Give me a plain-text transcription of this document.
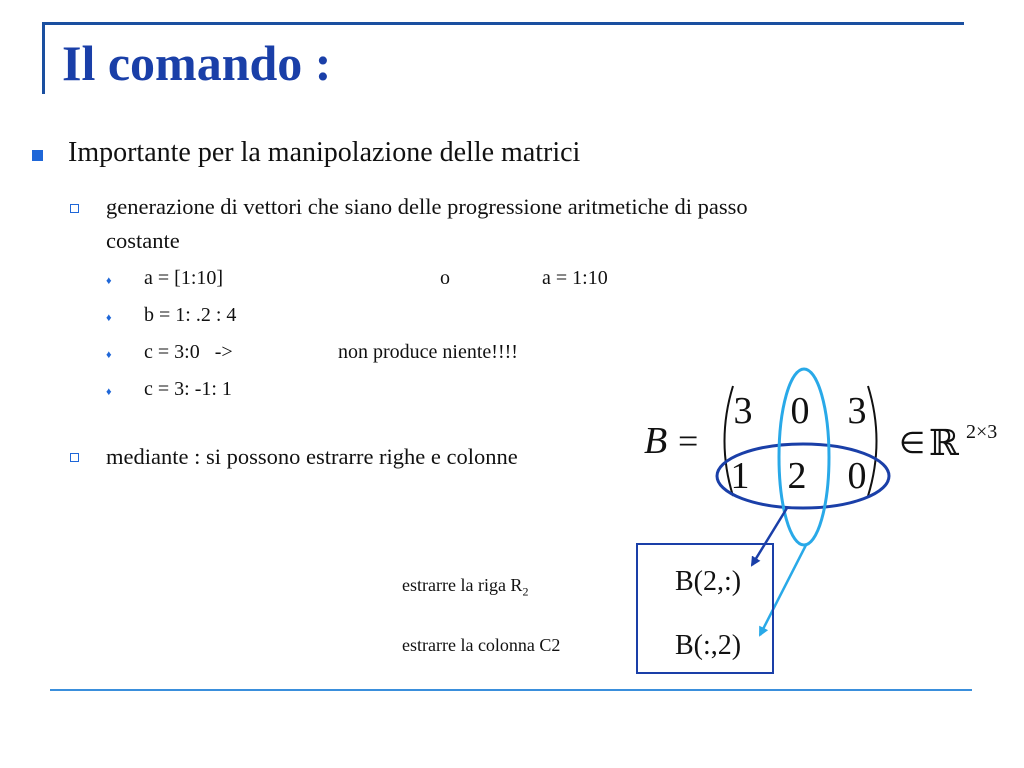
Il comando :
Importante per la manipolazione delle matrici
generazione di vettori che siano delle progressione aritmetiche di passo
costante
♦ a = [1:10]	o	a = 1:10
♦ b = 1: .2 : 4
♦ c = 3:0   ->	non produce niente!!!!
♦ c = 3: -1: 1
mediante : si possono estrarre righe e colonne	B =
3 0 3
1 2 0
∈ ℝ 2×3
estrarre la riga $R_2$
estrarre la colonna C2
B(2,:)
B(:,2)
